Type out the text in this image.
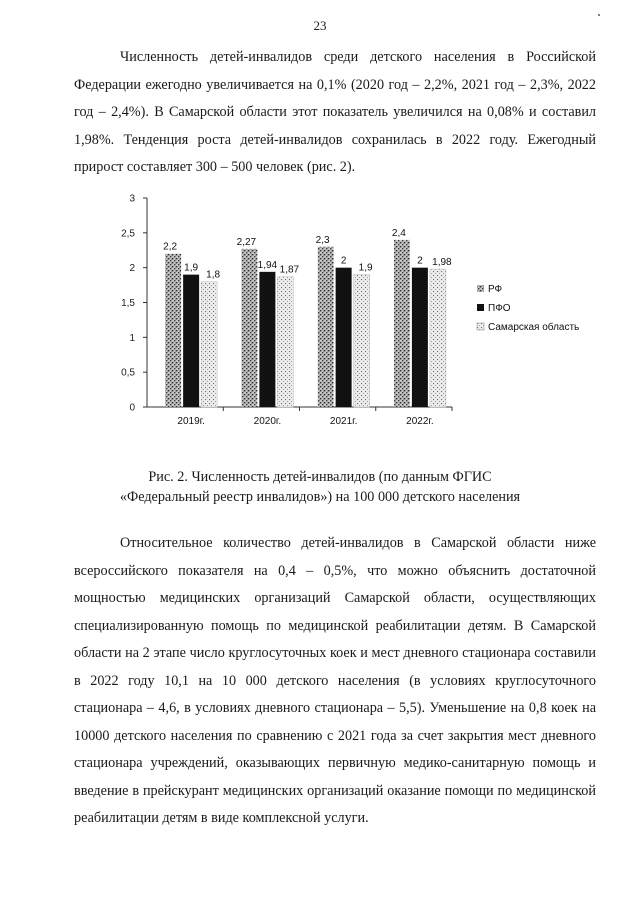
23

Численность детей-инвалидов среди детского населения в Российской Федерации ежегодно увеличивается на 0,1% (2020 год – 2,2%, 2021 год – 2,3%, 2022 год – 2,4%). В Самарской области этот показатель увеличился на 0,08% и составил 1,98%. Тенденция роста детей-инвалидов сохранилась в 2022 году. Ежегодный прирост составляет 300 – 500 человек (рис. 2).

0
0,5
1
1,5
2
2,5
3
2019г.	2020г.	2021г.	2022г.
2,2
1,9
1,8
2,27
1,94 1,87
2,3
2
1,9
2,4
2 1,98
РФ
ПФО
Самарская область
Рис. 2. Численность детей-инвалидов (по данным ФГИС
«Федеральный реестр инвалидов») на 100 000 детского населения

Относительное количество детей-инвалидов в Самарской области ниже всероссийского показателя на 0,4 – 0,5%, что можно объяснить достаточной мощностью медицинских организаций Самарской области, осуществляющих специализированную помощь по медицинской реабилитации детям. В Самарской области на 2 этапе число круглосуточных коек и мест дневного стационара составили в 2022 году 10,1 на 10 000 детского населения (в условиях круглосуточного стационара – 4,6, в условиях дневного стационара – 5,5). Уменьшение на 0,8 коек на 10000 детского населения по сравнению с 2021 года за счет закрытия мест дневного стационара учреждений, оказывающих первичную медико-санитарную помощь и введение в прейскурант медицинских организаций оказание помощи по медицинской реабилитации детям в виде комплексной услуги.
